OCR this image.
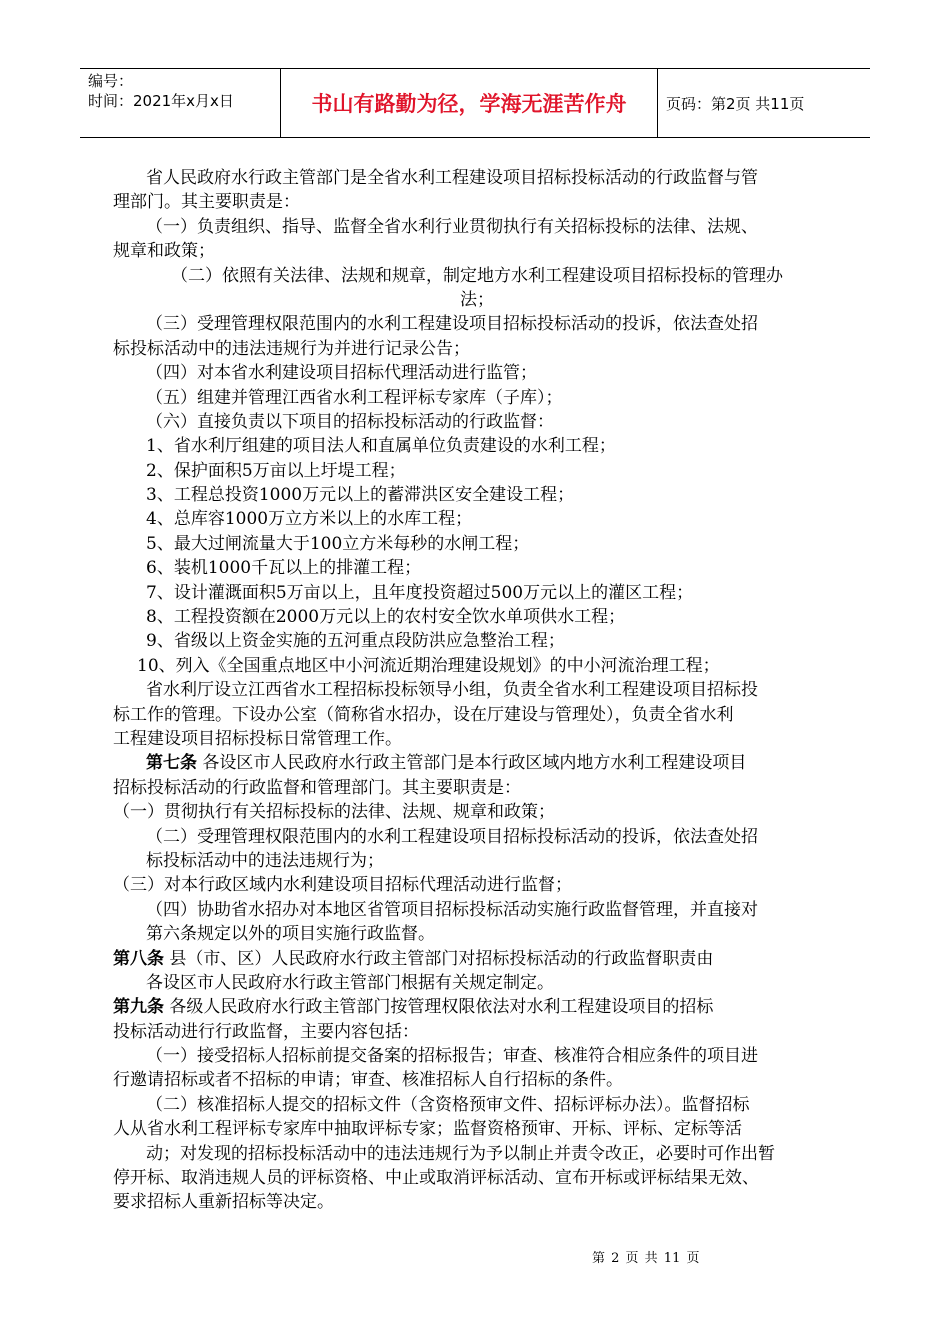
编号：
时间：2021年x月x日	书山有路勤为径，学海无涯苦作舟	页码：第2页 共11页
省人民政府水行政主管部门是全省水利工程建设项目招标投标活动的行政监督与管
理部门。其主要职责是：
（一）负责组织、指导、监督全省水利行业贯彻执行有关招标投标的法律、法规、
规章和政策；
（二）依照有关法律、法规和规章，制定地方水利工程建设项目招标投标的管理办
法；
（三）受理管理权限范围内的水利工程建设项目招标投标活动的投诉，依法查处招
标投标活动中的违法违规行为并进行记录公告；
（四）对本省水利建设项目招标代理活动进行监管；
（五）组建并管理江西省水利工程评标专家库（子库）；
（六）直接负责以下项目的招标投标活动的行政监督：
1、省水利厅组建的项目法人和直属单位负责建设的水利工程；
2、保护面积5万亩以上圩堤工程；
3、工程总投资1000万元以上的蓄滞洪区安全建设工程；
4、总库容1000万立方米以上的水库工程；
5、最大过闸流量大于100立方米每秒的水闸工程；
6、装机1000千瓦以上的排灌工程；
7、设计灌溉面积5万亩以上，且年度投资超过500万元以上的灌区工程；
8、工程投资额在2000万元以上的农村安全饮水单项供水工程；
9、省级以上资金实施的五河重点段防洪应急整治工程；
10、列入《全国重点地区中小河流近期治理建设规划》的中小河流治理工程；
省水利厅设立江西省水工程招标投标领导小组，负责全省水利工程建设项目招标投
标工作的管理。下设办公室（简称省水招办，设在厅建设与管理处），负责全省水利
工程建设项目招标投标日常管理工作。
第七条 各设区市人民政府水行政主管部门是本行政区域内地方水利工程建设项目
招标投标活动的行政监督和管理部门。其主要职责是：
（一）贯彻执行有关招标投标的法律、法规、规章和政策；
（二）受理管理权限范围内的水利工程建设项目招标投标活动的投诉，依法查处招
标投标活动中的违法违规行为；
（三）对本行政区域内水利建设项目招标代理活动进行监督；
（四）协助省水招办对本地区省管项目招标投标活动实施行政监督管理，并直接对
第六条规定以外的项目实施行政监督。
第八条 县（市、区）人民政府水行政主管部门对招标投标活动的行政监督职责由
各设区市人民政府水行政主管部门根据有关规定制定。
第九条 各级人民政府水行政主管部门按管理权限依法对水利工程建设项目的招标
投标活动进行行政监督，主要内容包括：
（一）接受招标人招标前提交备案的招标报告；审查、核准符合相应条件的项目进
行邀请招标或者不招标的申请；审查、核准招标人自行招标的条件。
（二）核准招标人提交的招标文件（含资格预审文件、招标评标办法）。监督招标
人从省水利工程评标专家库中抽取评标专家；监督资格预审、开标、评标、定标等活
动；对发现的招标投标活动中的违法违规行为予以制止并责令改正，必要时可作出暂
停开标、取消违规人员的评标资格、中止或取消评标活动、宣布开标或评标结果无效、
要求招标人重新招标等决定。
第 2 页 共 11 页
